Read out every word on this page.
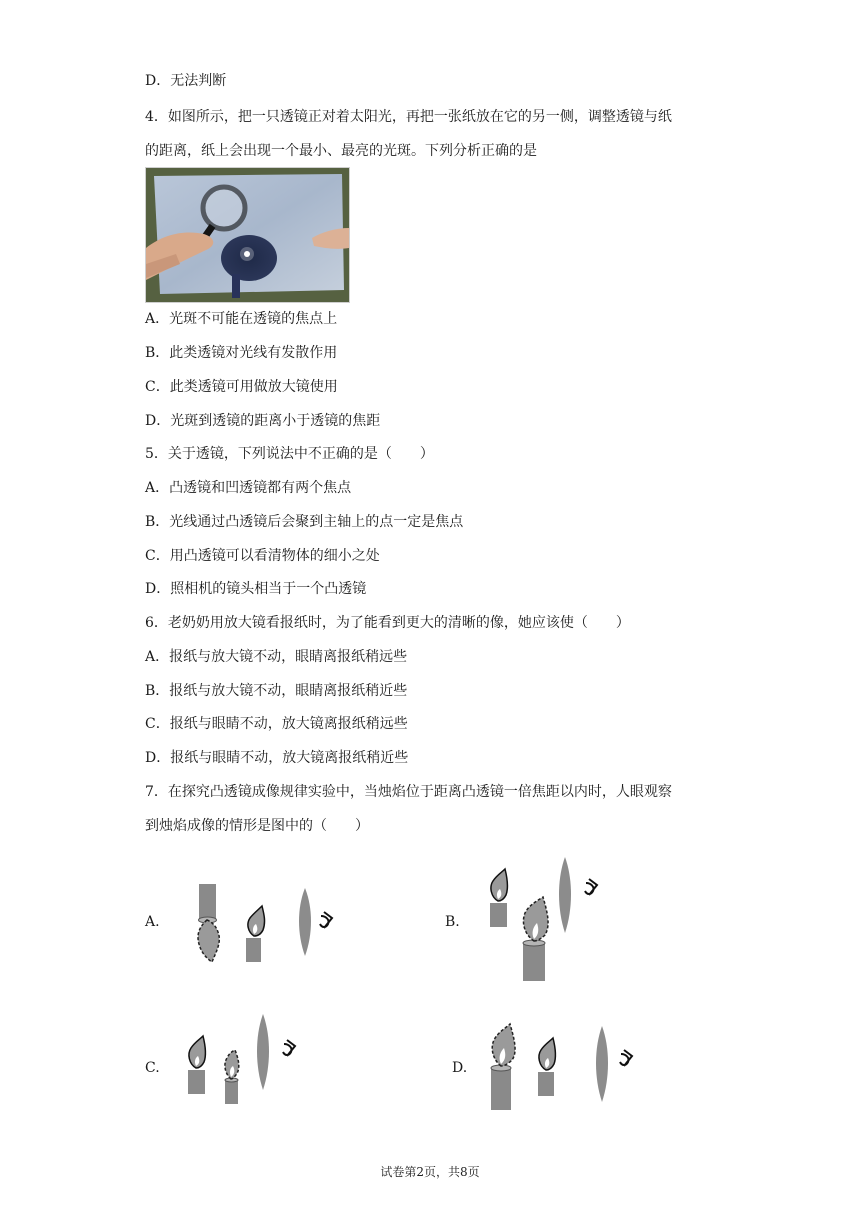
D．无法判断
4．如图所示，把一只透镜正对着太阳光，再把一张纸放在它的另一侧，调整透镜与纸
的距离，纸上会出现一个最小、最亮的光斑。下列分析正确的是
A．光斑不可能在透镜的焦点上
B．此类透镜对光线有发散作用
C．此类透镜可用做放大镜使用
D．光斑到透镜的距离小于透镜的焦距
5．关于透镜，下列说法中不正确的是（　　）
A．凸透镜和凹透镜都有两个焦点
B．光线通过凸透镜后会聚到主轴上的点一定是焦点
C．用凸透镜可以看清物体的细小之处
D．照相机的镜头相当于一个凸透镜
6．老奶奶用放大镜看报纸时，为了能看到更大的清晰的像，她应该使（　　）
A．报纸与放大镜不动，眼睛离报纸稍远些
B．报纸与放大镜不动，眼睛离报纸稍近些
C．报纸与眼睛不动，放大镜离报纸稍远些
D．报纸与眼睛不动，放大镜离报纸稍近些
7．在探究凸透镜成像规律实验中，当烛焰位于距离凸透镜一倍焦距以内时，人眼观察
到烛焰成像的情形是图中的（　　）
A.	B.
C.	D.
试卷第2页，共8页
